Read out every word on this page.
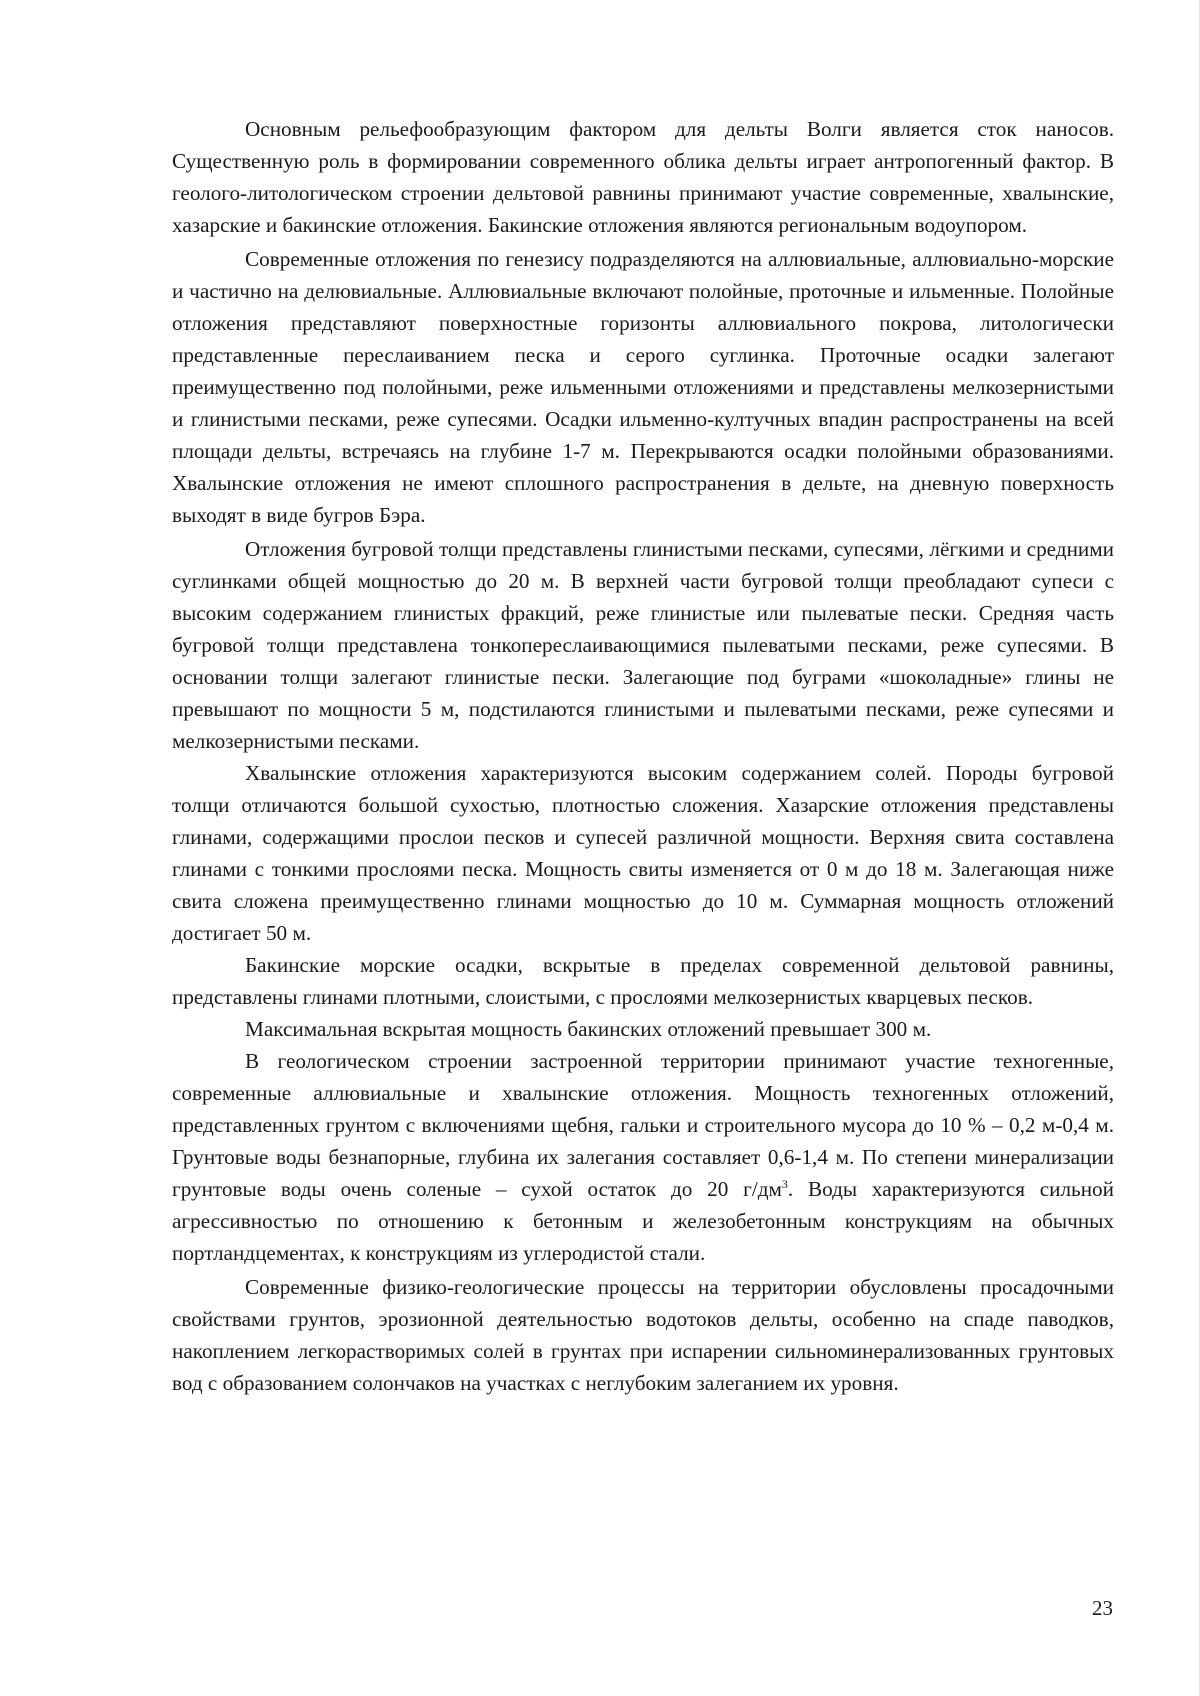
Основным рельефообразующим фактором для дельты Волги является сток наносов. Существенную роль в формировании современного облика дельты играет антропогенный фактор. В геолого-литологическом строении дельтовой равнины принимают участие современные, хвалынские, хазарские и бакинские отложения. Бакинские отложения являются региональным водоупором.

Современные отложения по генезису подразделяются на аллювиальные, аллювиально-морские и частично на делювиальные. Аллювиальные включают полойные, проточные и ильменные. Полойные отложения представляют поверхностные горизонты аллювиального покрова, литологически представленные переслаиванием песка и серого суглинка. Проточные осадки залегают преимущественно под полойными, реже ильменными отложениями и представлены мелкозернистыми и глинистыми песками, реже супесями. Осадки ильменно-култучных впадин распространены на всей площади дельты, встречаясь на глубине 1-7 м. Перекрываются осадки полойными образованиями. Хвалынские отложения не имеют сплошного распространения в дельте, на дневную поверхность выходят в виде бугров Бэра.

Отложения бугровой толщи представлены глинистыми песками, супесями, лёгкими и средними суглинками общей мощностью до 20 м. В верхней части бугровой толщи преобладают супеси с высоким содержанием глинистых фракций, реже глинистые или пылеватые пески. Средняя часть бугровой толщи представлена тонкопереслаивающимися пылеватыми песками, реже супесями. В основании толщи залегают глинистые пески. Залегающие под буграми «шоколадные» глины не превышают по мощности 5 м, подстилаются глинистыми и пылеватыми песками, реже супесями и мелкозернистыми песками.

Хвалынские отложения характеризуются высоким содержанием солей. Породы бугровой толщи отличаются большой сухостью, плотностью сложения. Хазарские отложения представлены глинами, содержащими прослои песков и супесей различной мощности. Верхняя свита составлена глинами с тонкими прослоями песка. Мощность свиты изменяется от 0 м до 18 м. Залегающая ниже свита сложена преимущественно глинами мощностью до 10 м. Суммарная мощность отложений достигает 50 м.

Бакинские морские осадки, вскрытые в пределах современной дельтовой равнины, представлены глинами плотными, слоистыми, с прослоями мелкозернистых кварцевых песков.

Максимальная вскрытая мощность бакинских отложений превышает 300 м.

В геологическом строении застроенной территории принимают участие техногенные, современные аллювиальные и хвалынские отложения. Мощность техногенных отложений, представленных грунтом с включениями щебня, гальки и строительного мусора до 10 % – 0,2 м-0,4 м. Грунтовые воды безнапорные, глубина их залегания составляет 0,6-1,4 м. По степени минерализации грунтовые воды очень соленые – сухой остаток до 20 $г/дм^3$. Воды характеризуются сильной агрессивностью по отношению к бетонным и железобетонным конструкциям на обычных портландцементах, к конструкциям из углеродистой стали.

Современные физико-геологические процессы на территории обусловлены просадочными свойствами грунтов, эрозионной деятельностью водотоков дельты, особенно на спаде паводков, накоплением легкорастворимых солей в грунтах при испарении сильноминерализованных грунтовых вод с образованием солончаков на участках с неглубоким залеганием их уровня.

23
